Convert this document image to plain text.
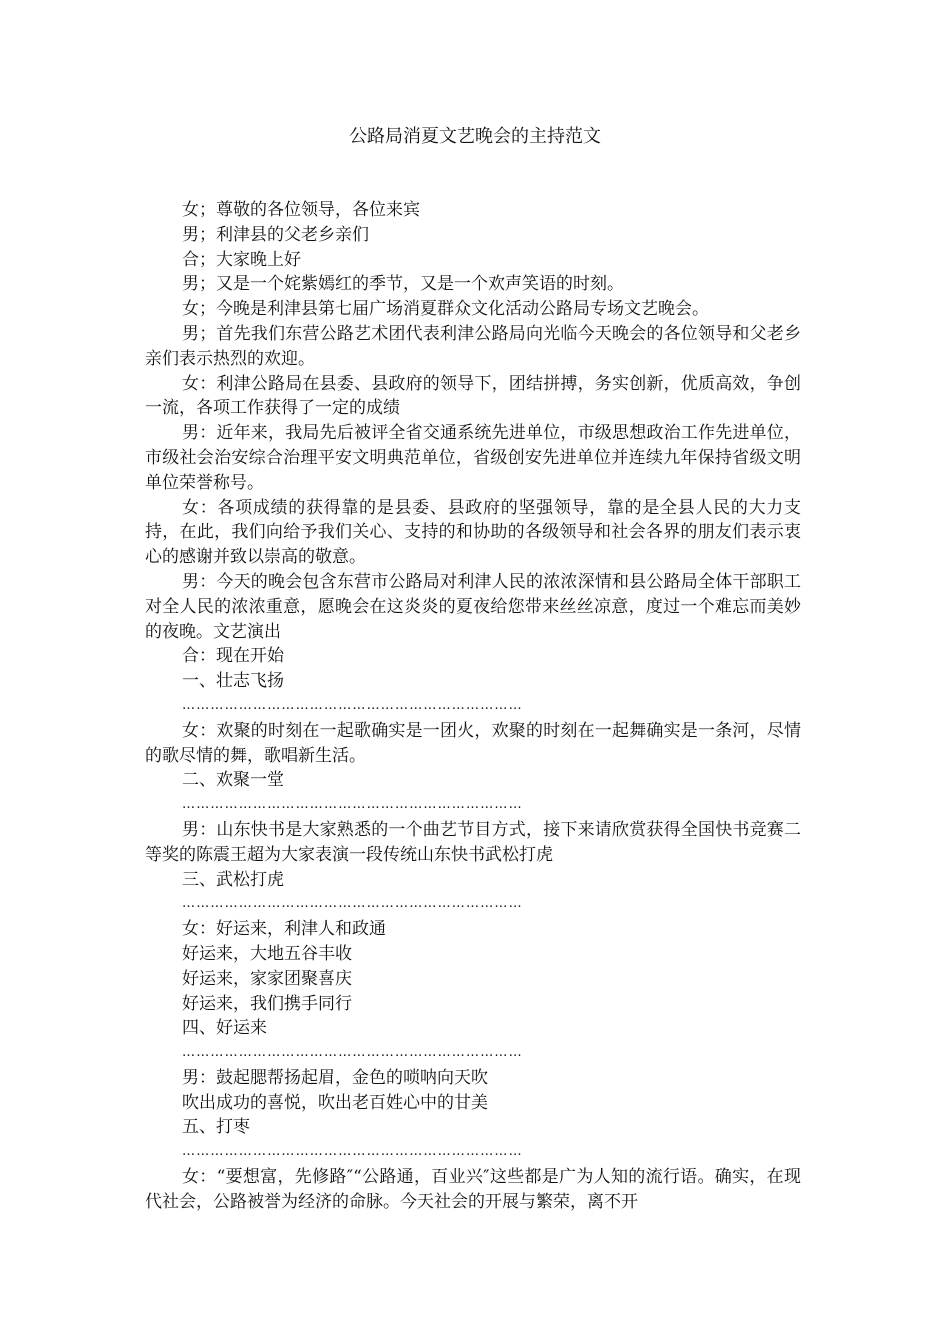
公路局消夏文艺晚会的主持范文

女；尊敬的各位领导，各位来宾

男；利津县的父老乡亲们

合；大家晚上好

男；又是一个姹紫嫣红的季节，又是一个欢声笑语的时刻。

女；今晚是利津县第七届广场消夏群众文化活动公路局专场文艺晚会。

男；首先我们东营公路艺术团代表利津公路局向光临今天晚会的各位领导和父老乡亲们表示热烈的欢迎。

女：利津公路局在县委、县政府的领导下，团结拼搏，务实创新，优质高效，争创一流，各项工作获得了一定的成绩

男：近年来，我局先后被评全省交通系统先进单位，市级思想政治工作先进单位，市级社会治安综合治理平安文明典范单位，省级创安先进单位并连续九年保持省级文明单位荣誉称号。

女：各项成绩的获得靠的是县委、县政府的坚强领导，靠的是全县人民的大力支持，在此，我们向给予我们关心、支持的和协助的各级领导和社会各界的朋友们表示衷心的感谢并致以崇高的敬意。

男：今天的晚会包含东营市公路局对利津人民的浓浓深情和县公路局全体干部职工对全人民的浓浓重意，愿晚会在这炎炎的夏夜给您带来丝丝凉意，度过一个难忘而美妙的夜晚。文艺演出

合：现在开始

一、壮志飞扬

………………………………………………………………

女：欢聚的时刻在一起歌确实是一团火，欢聚的时刻在一起舞确实是一条河，尽情的歌尽情的舞，歌唱新生活。

二、欢聚一堂

………………………………………………………………

男：山东快书是大家熟悉的一个曲艺节目方式，接下来请欣赏获得全国快书竞赛二等奖的陈震王超为大家表演一段传统山东快书武松打虎

三、武松打虎

………………………………………………………………

女：好运来，利津人和政通

好运来，大地五谷丰收

好运来，家家团聚喜庆

好运来，我们携手同行

四、好运来

………………………………………………………………

男：鼓起腮帮扬起眉，金色的唢呐向天吹

吹出成功的喜悦，吹出老百姓心中的甘美

五、打枣

………………………………………………………………

女：“要想富，先修路″“公路通，百业兴″这些都是广为人知的流行语。确实，在现代社会，公路被誉为经济的命脉。今天社会的开展与繁荣，离不开
